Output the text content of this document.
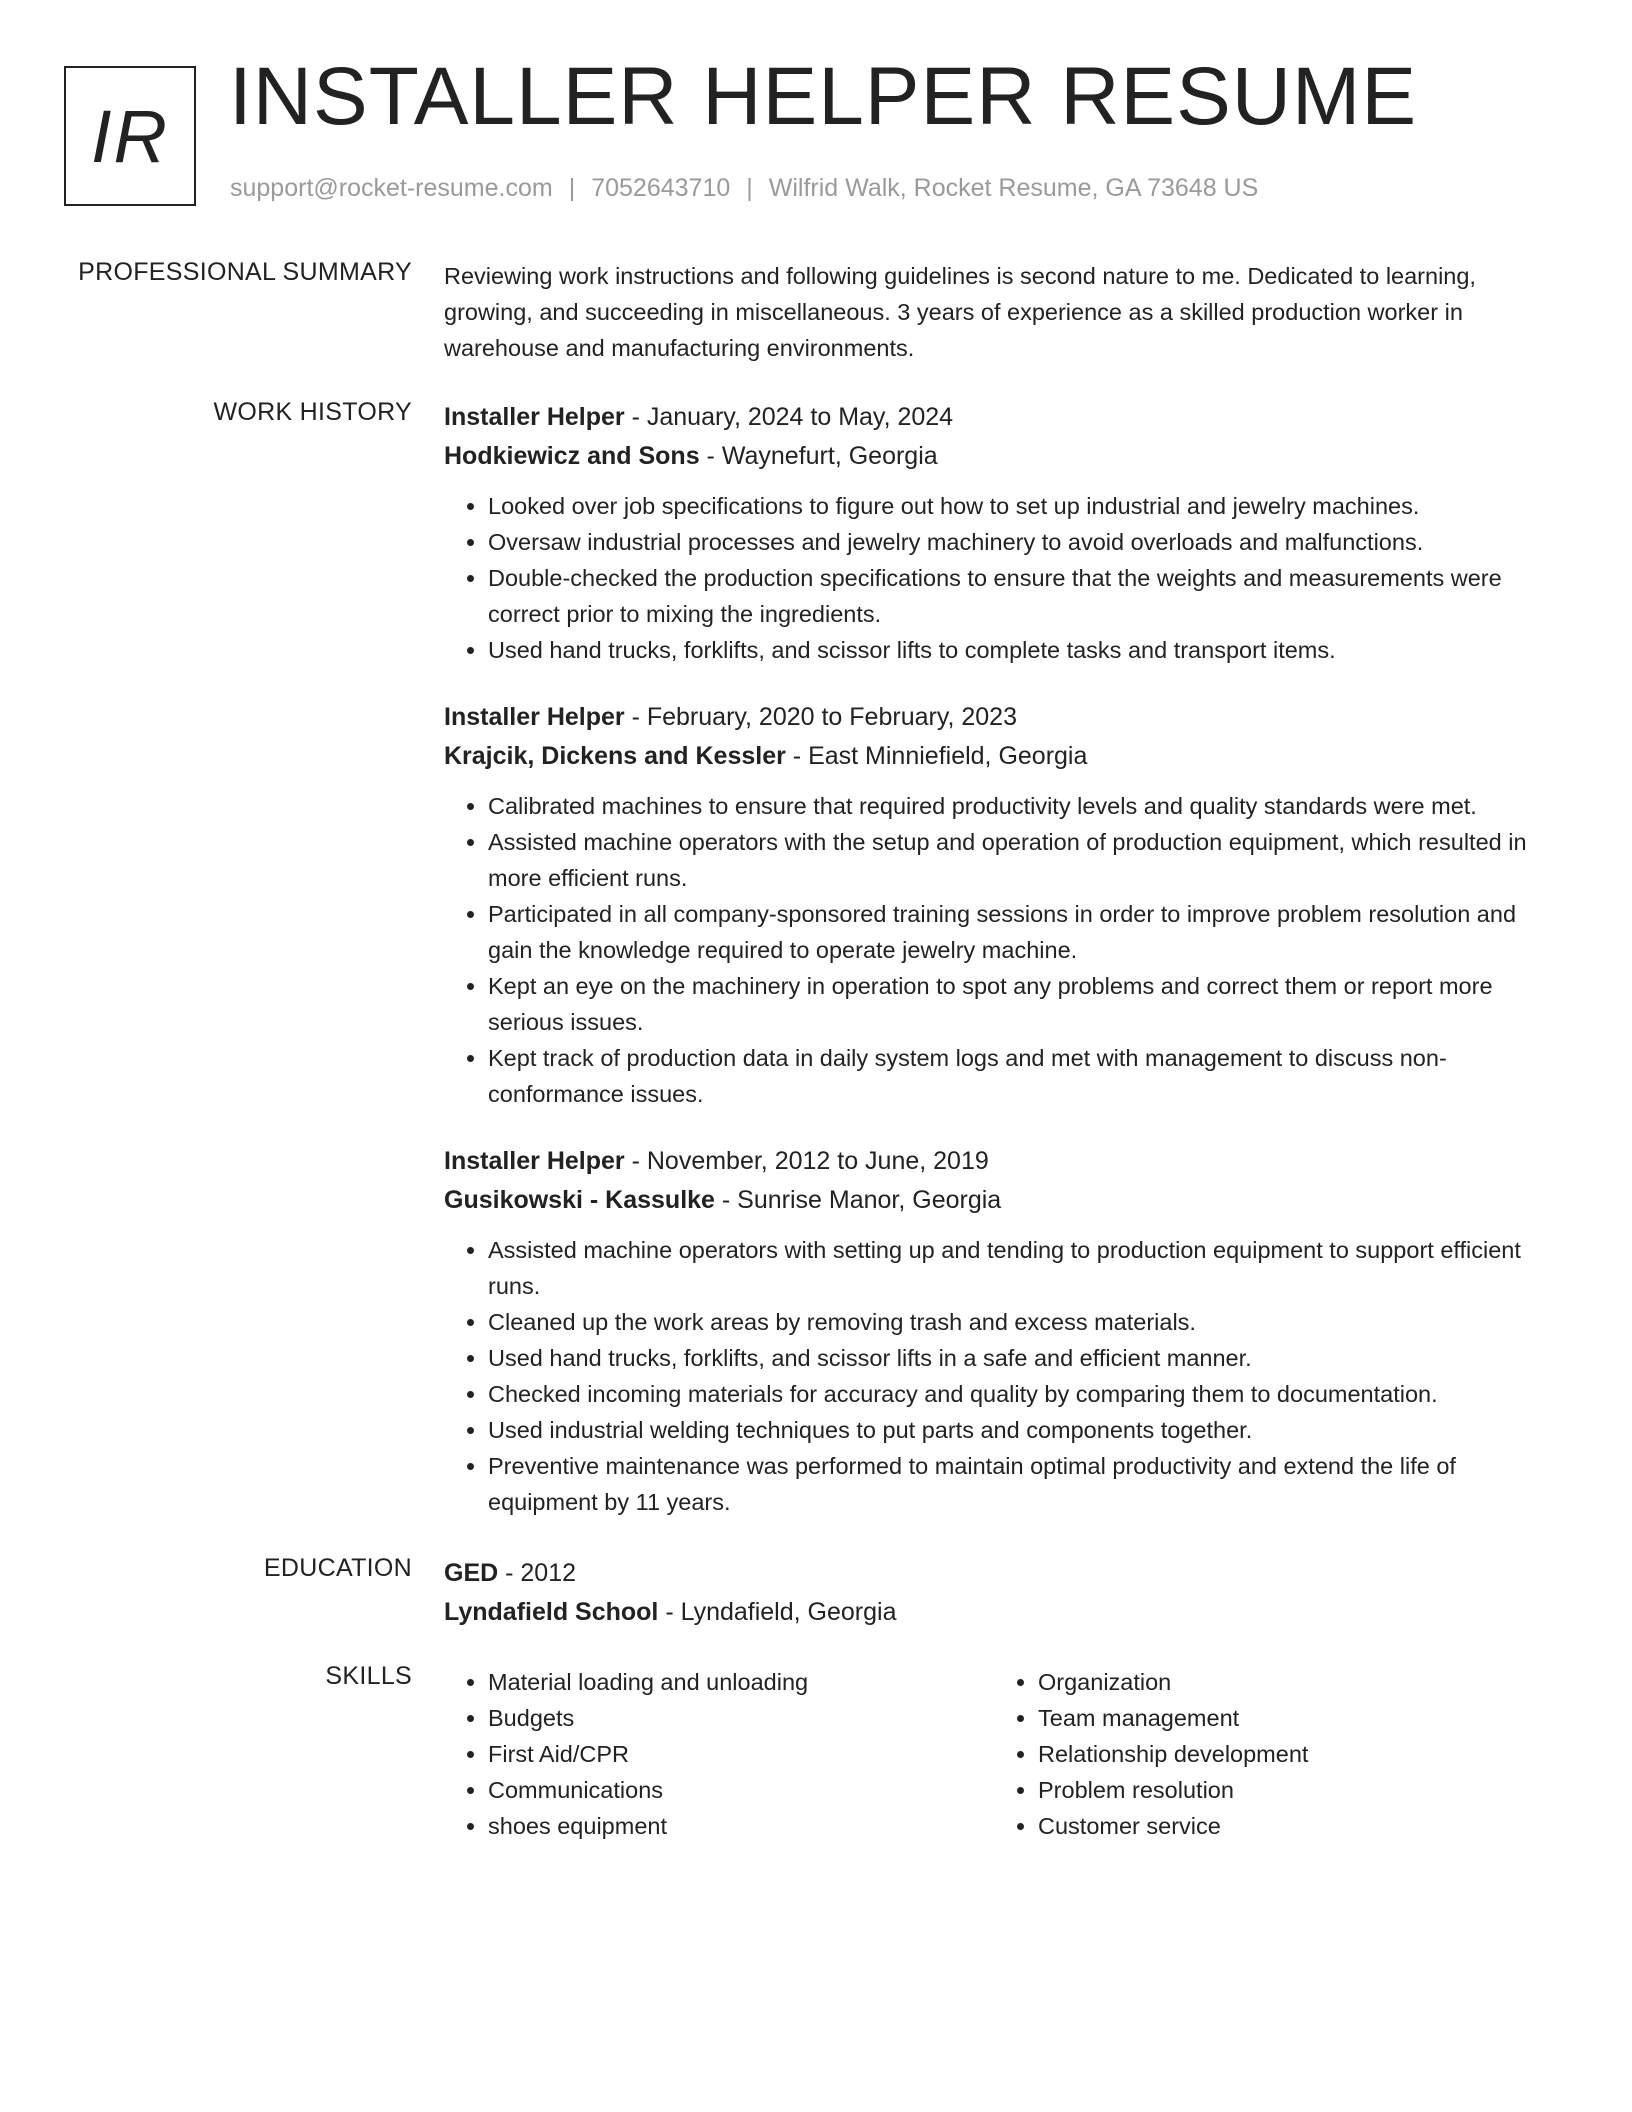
IR INSTALLER HELPER RESUME
support@rocket-resume.com | 7052643710 | Wilfrid Walk, Rocket Resume, GA 73648 US
PROFESSIONAL SUMMARY Reviewing work instructions and following guidelines is second nature to me. Dedicated to learning, growing, and succeeding in miscellaneous. 3 years of experience as a skilled production worker in warehouse and manufacturing environments.

WORK HISTORY Installer Helper - January, 2024 to May, 2024
Hodkiewicz and Sons - Waynefurt, Georgia
• Looked over job specifications to figure out how to set up industrial and jewelry machines.
• Oversaw industrial processes and jewelry machinery to avoid overloads and malfunctions.
• Double-checked the production specifications to ensure that the weights and measurements were correct prior to mixing the ingredients.
• Used hand trucks, forklifts, and scissor lifts to complete tasks and transport items.
Installer Helper - February, 2020 to February, 2023
Krajcik, Dickens and Kessler - East Minniefield, Georgia
• Calibrated machines to ensure that required productivity levels and quality standards were met.
• Assisted machine operators with the setup and operation of production equipment, which resulted in more efficient runs.
• Participated in all company-sponsored training sessions in order to improve problem resolution and gain the knowledge required to operate jewelry machine.
• Kept an eye on the machinery in operation to spot any problems and correct them or report more serious issues.
• Kept track of production data in daily system logs and met with management to discuss non-conformance issues.
Installer Helper - November, 2012 to June, 2019
Gusikowski - Kassulke - Sunrise Manor, Georgia
• Assisted machine operators with setting up and tending to production equipment to support efficient runs.
• Cleaned up the work areas by removing trash and excess materials.
• Used hand trucks, forklifts, and scissor lifts in a safe and efficient manner.
• Checked incoming materials for accuracy and quality by comparing them to documentation.
• Used industrial welding techniques to put parts and components together.
• Preventive maintenance was performed to maintain optimal productivity and extend the life of equipment by 11 years.
EDUCATION GED - 2012
Lyndafield School - Lyndafield, Georgia
SKILLS
•	Material loading and unloading
• Budgets
• First Aid/CPR
• Communications
• shoes equipment
• Organization
• Team management
• Relationship development
• Problem resolution
• Customer service
